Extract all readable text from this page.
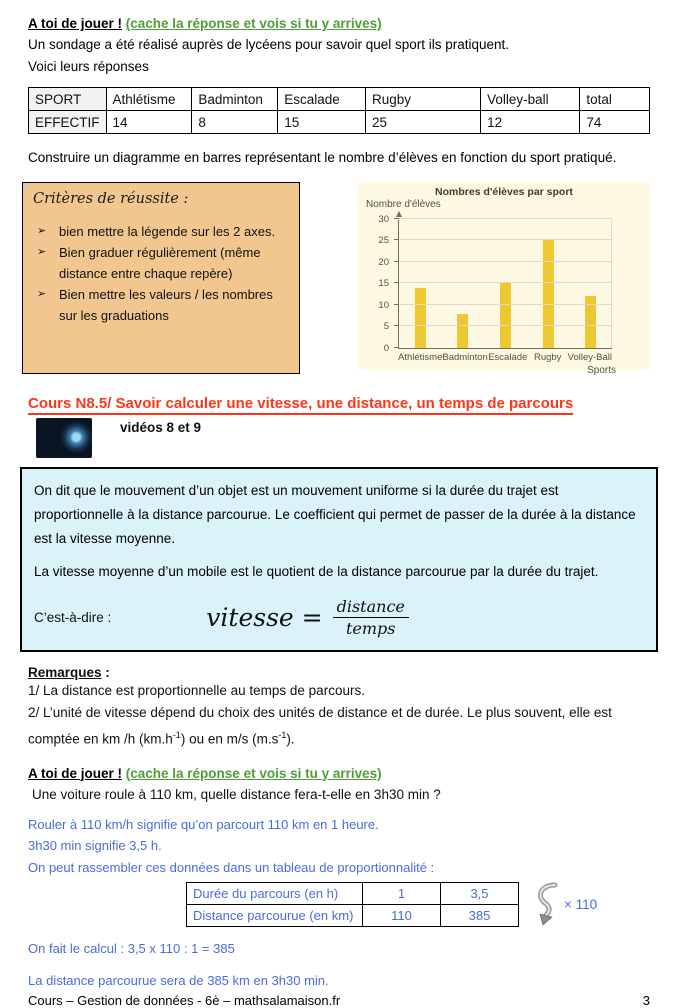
A toi de jouer ! (cache la réponse et vois si tu y arrives)
Un sondage a été réalisé auprès de lycéens pour savoir quel sport ils pratiquent.
Voici leurs réponses
SPORT	Athlétisme	Badminton	Escalade	Rugby	Volley-ball	total
EFFECTIF	14	8	15	25	12	74
Construire un diagramme en barres représentant le nombre d’élèves en fonction du sport pratiqué.
Critères de réussite :
➢ bien mettre la légende sur les 2 axes.
➢ Bien graduer régulièrement (même distance entre chaque repère)
➢ Bien mettre les valeurs / les nombres sur les graduations
Nombres d'élèves par sport
Nombre d'élèves
0
5
10
15
20
25
30
Athlétisme Badminton Escalade Rugby Volley-Ball
Sports
Cours N8.5/ Savoir calculer une vitesse, une distance, un temps de parcours
vidéos 8 et 9

On dit que le mouvement d’un objet est un mouvement uniforme si la durée du trajet est proportionnelle à la distance parcourue. Le coefficient qui permet de passer de la durée à la distance est la vitesse moyenne.

La vitesse moyenne d’un mobile est le quotient de la distance parcourue par la durée du trajet.

C’est-à-dire :	vitesse = $\frac{\text{distance}}{\text{temps}}$
Remarques :

1/ La distance est proportionnelle au temps de parcours.

2/ L’unité de vitesse dépend du choix des unités de distance et de durée. Le plus souvent, elle est comptée en km /h $(km.h^{-1})$ ou en m/s $(m.s^{-1})$.

A toi de jouer ! (cache la réponse et vois si tu y arrives)
Une voiture roule à 110 km, quelle distance fera-t-elle en 3h30 min ?
Rouler à 110 km/h signifie qu’on parcourt 110 km en 1 heure.
3h30 min signifie 3,5 h.
On peut rassembler ces données dans un tableau de proportionnalité :
Durée du parcours (en h)	1	3,5
Distance parcourue (en km)	110	385
× 110
On fait le calcul : 3,5 x 110 : 1 = 385
La distance parcourue sera de 385 km en 3h30 min.
Cours – Gestion de données - 6è – mathsalamaison.fr	3
